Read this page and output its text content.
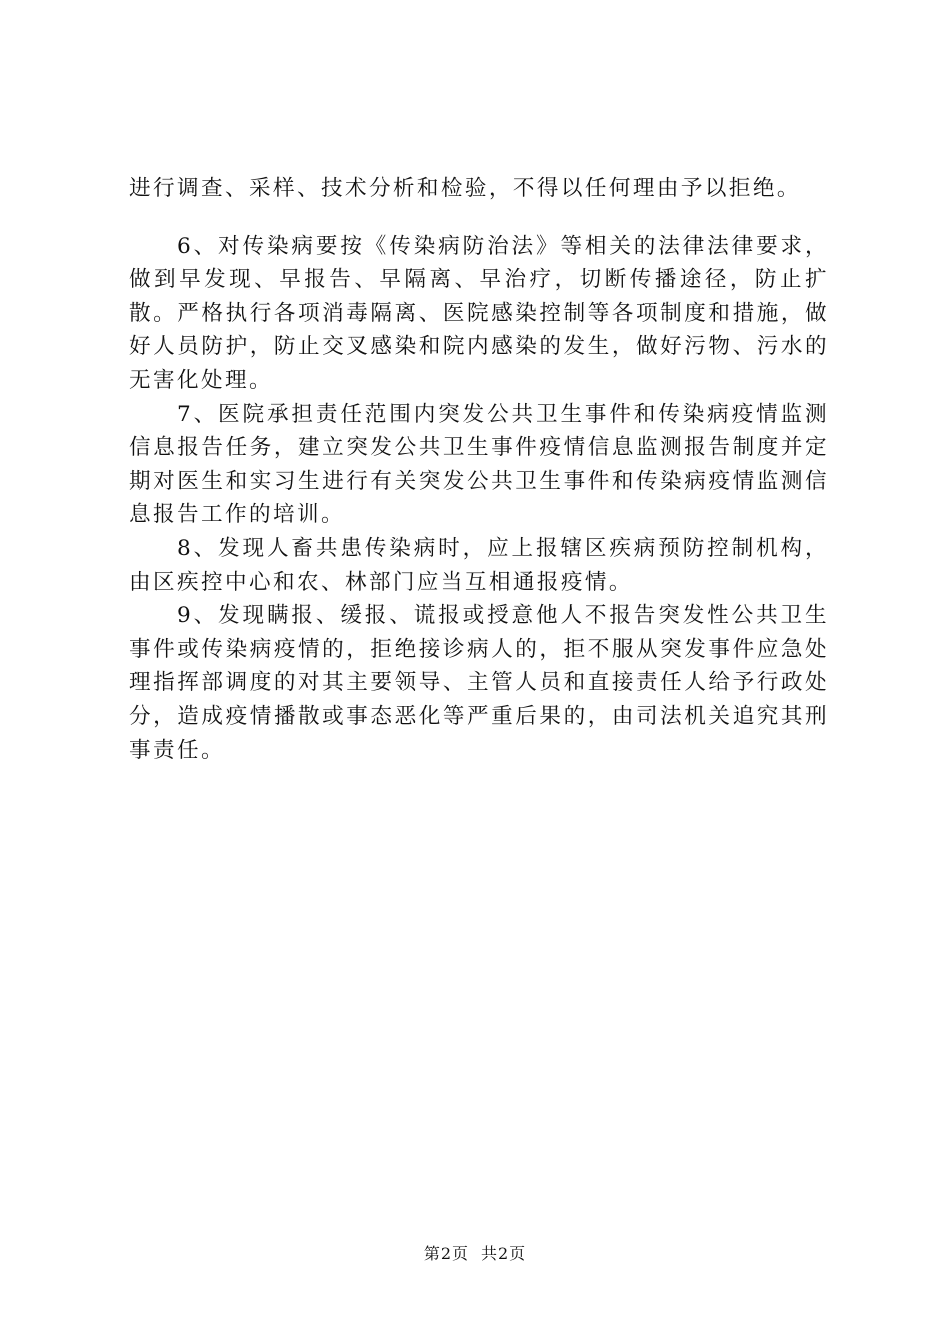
进行调查、采样、技术分析和检验，不得以任何理由予以拒绝。

6、对传染病要按《传染病防治法》等相关的法律法律要求，做到早发现、早报告、早隔离、早治疗，切断传播途径，防止扩散。严格执行各项消毒隔离、医院感染控制等各项制度和措施，做好人员防护，防止交叉感染和院内感染的发生，做好污物、污水的无害化处理。

7、医院承担责任范围内突发公共卫生事件和传染病疫情监测信息报告任务，建立突发公共卫生事件疫情信息监测报告制度并定期对医生和实习生进行有关突发公共卫生事件和传染病疫情监测信息报告工作的培训。

8、发现人畜共患传染病时，应上报辖区疾病预防控制机构，由区疾控中心和农、林部门应当互相通报疫情。

9、发现瞒报、缓报、谎报或授意他人不报告突发性公共卫生事件或传染病疫情的，拒绝接诊病人的，拒不服从突发事件应急处理指挥部调度的对其主要领导、主管人员和直接责任人给予行政处分，造成疫情播散或事态恶化等严重后果的，由司法机关追究其刑事责任。

第2页 共2页
